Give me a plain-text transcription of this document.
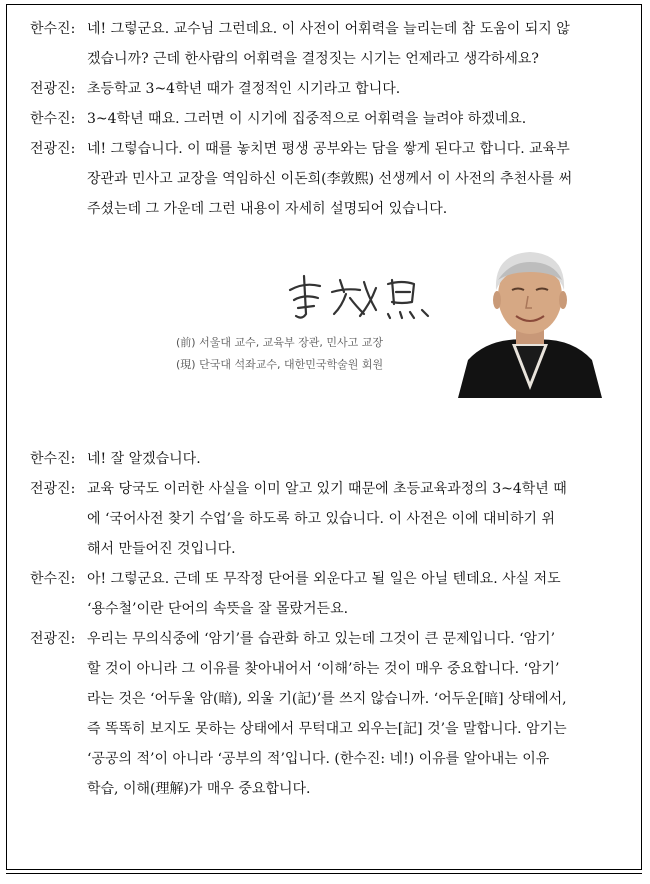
한수진: 네! 그렇군요. 교수님 그런데요. 이 사전이 어휘력을 늘리는데 참 도움이 되지 않
겠습니까? 근데 한사람의 어휘력을 결정짓는 시기는 언제라고 생각하세요?
전광진: 초등학교 3~4학년 때가 결정적인 시기라고 합니다.
한수진: 3~4학년 때요. 그러면 이 시기에 집중적으로 어휘력을 늘려야 하겠네요.
전광진: 네! 그렇습니다. 이 때를 놓치면 평생 공부와는 담을 쌓게 된다고 합니다. 교육부
장관과 민사고 교장을 역임하신 이돈희(李敦熙) 선생께서 이 사전의 추천사를 써
주셨는데 그 가운데 그런 내용이 자세히 설명되어 있습니다.
(前) 서울대 교수, 교육부 장관, 민사고 교장
(現) 단국대 석좌교수, 대한민국학술원 회원
한수진: 네! 잘 알겠습니다.
전광진: 교육 당국도 이러한 사실을 이미 알고 있기 때문에 초등교육과정의 3~4학년 때
에 ‘국어사전 찾기 수업’을 하도록 하고 있습니다. 이 사전은 이에 대비하기 위
해서 만들어진 것입니다.
한수진: 아! 그렇군요. 근데 또 무작정 단어를 외운다고 될 일은 아닐 텐데요. 사실 저도
‘용수철’이란 단어의 속뜻을 잘 몰랐거든요.
전광진: 우리는 무의식중에 ‘암기’를 습관화 하고 있는데 그것이 큰 문제입니다. ‘암기’
할 것이 아니라 그 이유를 찾아내어서 ‘이해’하는 것이 매우 중요합니다. ‘암기’
라는 것은 ‘어두울 암(暗), 외울 기(記)’를 쓰지 않습니까. ‘어두운[暗] 상태에서,
즉 똑똑히 보지도 못하는 상태에서 무턱대고 외우는[記] 것’을 말합니다. 암기는
‘공공의 적’이 아니라 ‘공부의 적’입니다. (한수진: 네!) 이유를 알아내는 이유
학습, 이해(理解)가 매우 중요합니다.
